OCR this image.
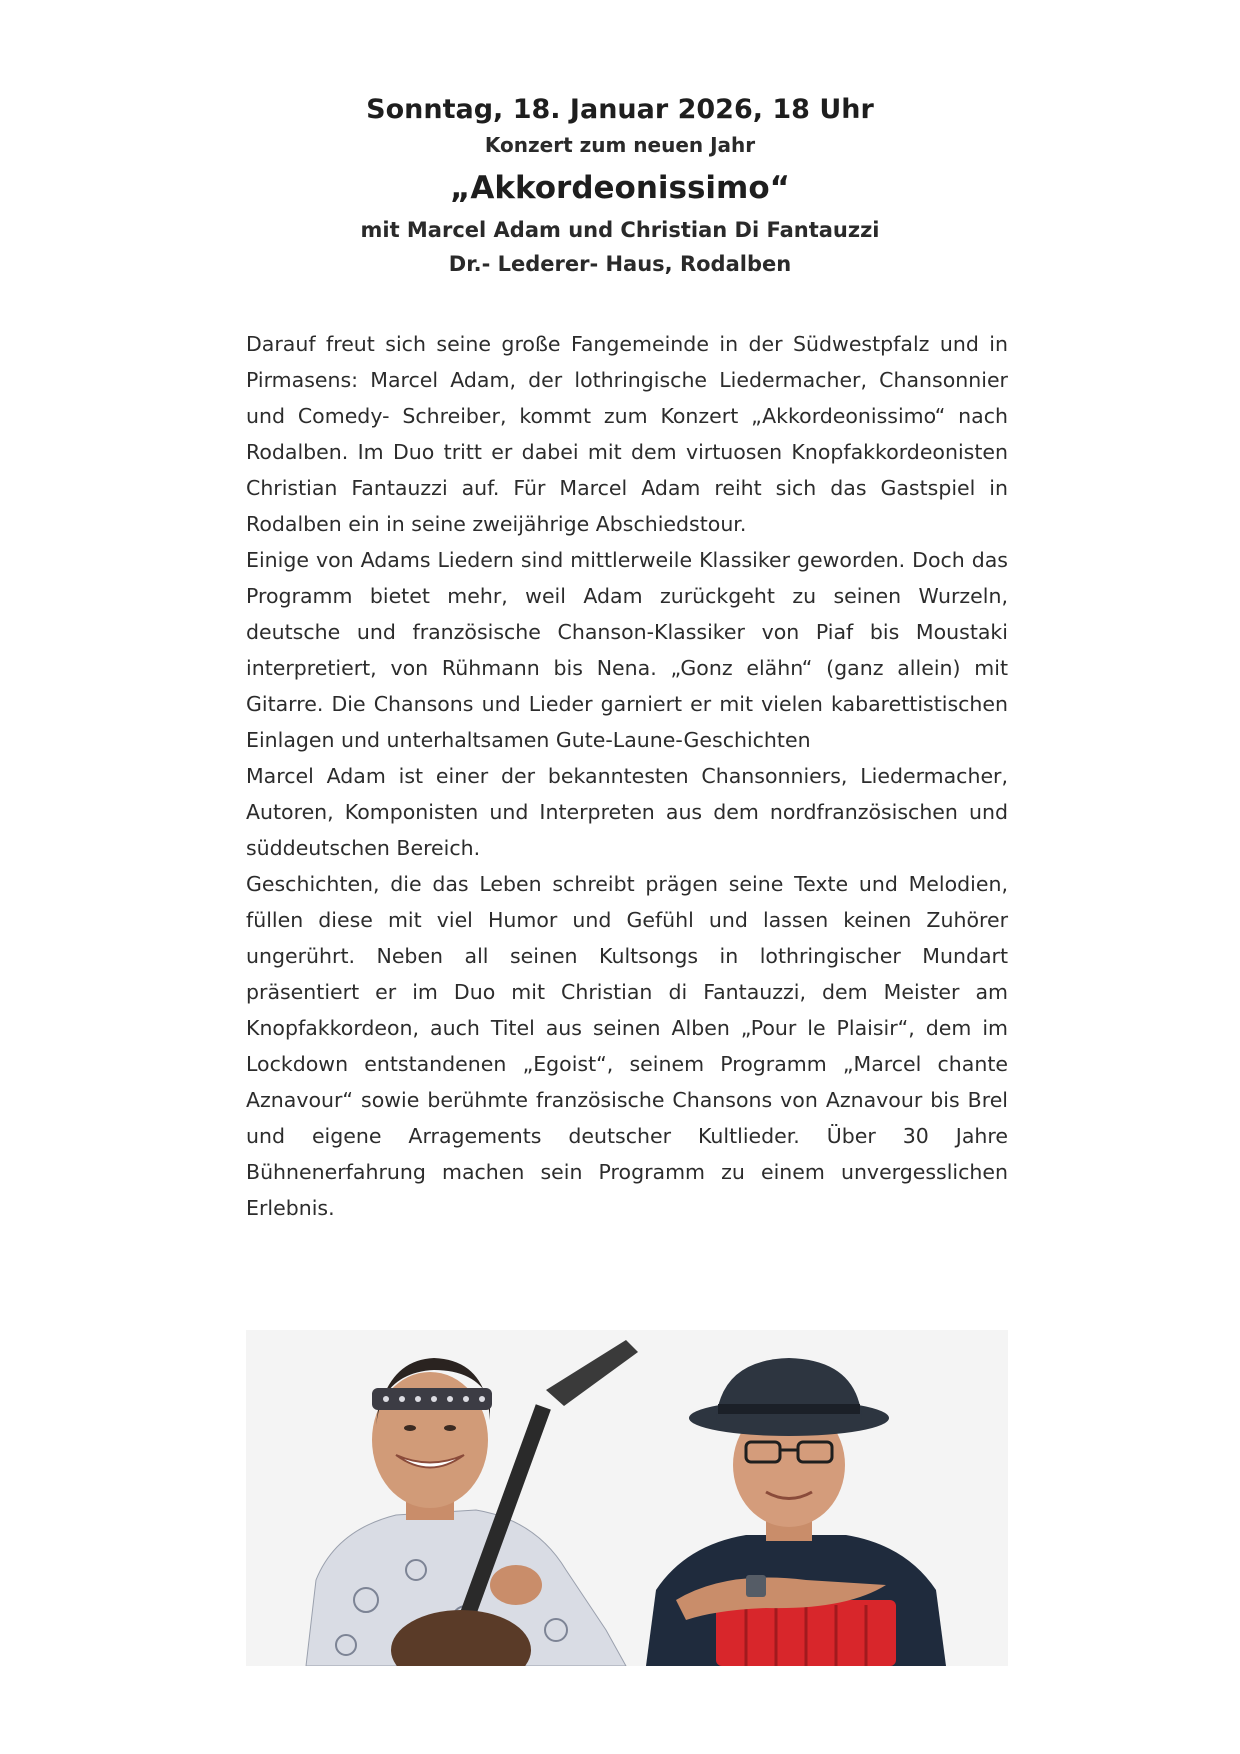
Sonntag, 18. Januar 2026, 18 Uhr

Konzert zum neuen Jahr

„Akkordeonissimo“

mit Marcel Adam und Christian Di Fantauzzi

Dr.- Lederer- Haus, Rodalben

Darauf freut sich seine große Fangemeinde in der Südwestpfalz und in Pirmasens: Marcel Adam, der lothringische Liedermacher, Chansonnier und Comedy- Schreiber, kommt zum Konzert „Akkordeonissimo“ nach Rodalben. Im Duo tritt er dabei mit dem virtuosen Knopfakkordeonisten Christian Fantauzzi auf. Für Marcel Adam reiht sich das Gastspiel in Rodalben ein in seine zweijährige Abschiedstour.

Einige von Adams Liedern sind mittlerweile Klassiker geworden. Doch das Programm bietet mehr, weil Adam zurückgeht zu seinen Wurzeln, deutsche und französische Chanson-Klassiker von Piaf bis Moustaki interpretiert, von Rühmann bis Nena. „Gonz elähn“ (ganz allein) mit Gitarre. Die Chansons und Lieder garniert er mit vielen kabarettistischen Einlagen und unterhaltsamen Gute-Laune-Geschichten

Marcel Adam ist einer der bekanntesten Chansonniers, Liedermacher, Autoren, Komponisten und Interpreten aus dem nordfranzösischen und süddeutschen Bereich.

Geschichten, die das Leben schreibt prägen seine Texte und Melodien, füllen diese mit viel Humor und Gefühl und lassen keinen Zuhörer ungerührt. Neben all seinen Kultsongs in lothringischer Mundart präsentiert er im Duo mit Christian di Fantauzzi, dem Meister am Knopfakkordeon, auch Titel aus seinen Alben „Pour le Plaisir“, dem im Lockdown entstandenen „Egoist“, seinem Programm „Marcel chante Aznavour“ sowie berühmte französische Chansons von Aznavour bis Brel und eigene Arragements deutscher Kultlieder. Über 30 Jahre Bühnenerfahrung machen sein Programm zu einem unvergesslichen Erlebnis.
